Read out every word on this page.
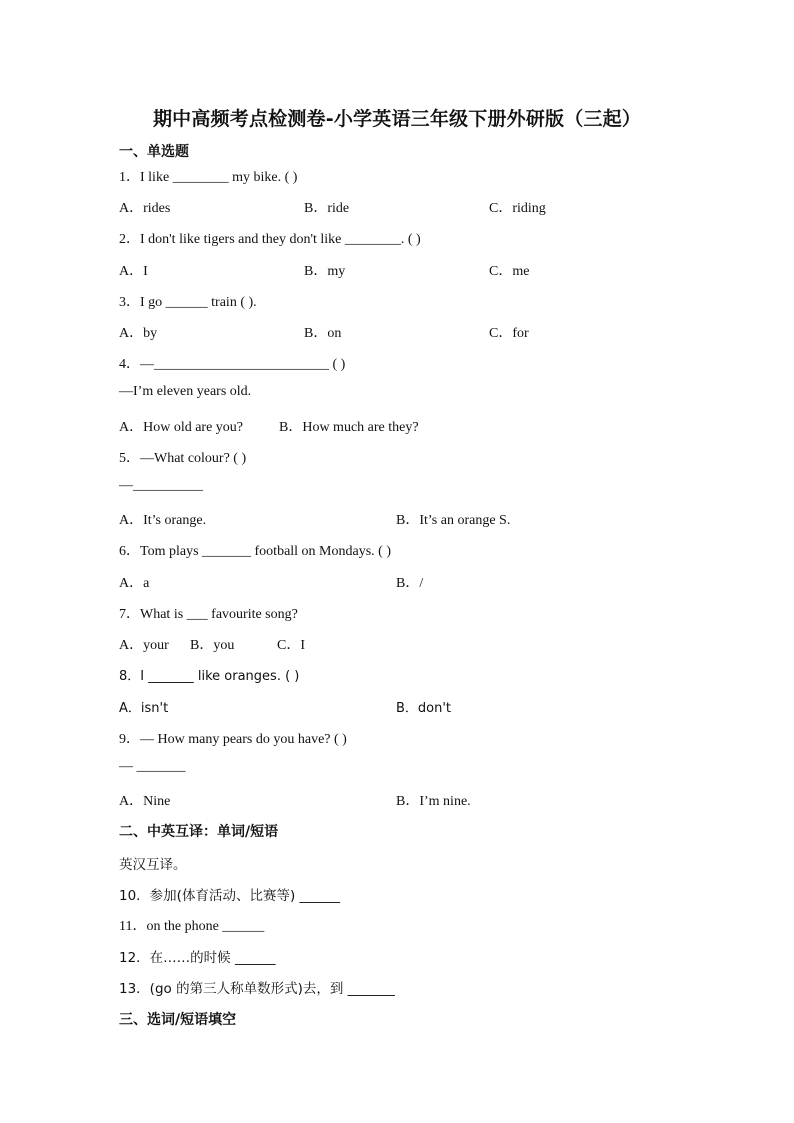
期中高频考点检测卷-小学英语三年级下册外研版（三起）
一、单选题
1．I like ________ my bike. ( )
A．rides	B．ride	C．riding
2．I don't like tigers and they don't like ________. ( )
A．I	B．my	C．me
3．I go ______ train ( ).
A．by	B．on	C．for
4．—_________________________ ( )
—I’m eleven years old.
A．How old are you?	B．How much are they?
5．—What colour? ( )
—__________
A．It’s orange.	B．It’s an orange S.
6．Tom plays _______ football on Mondays. ( )
A．a	B．/
7．What is ___ favourite song?
A．your B．you	C．I
8．I _______ like oranges. ( )
A．isn't	B．don't
9．— How many pears do you have? ( )
— _______
A．Nine	B．I’m nine.
二、中英互译：单词/短语
英汉互译。
10．参加(体育活动、比赛等) ______
11．on the phone ______
12．在……的时候 ______
13．(go 的第三人称单数形式)去，到 _______
三、选词/短语填空
